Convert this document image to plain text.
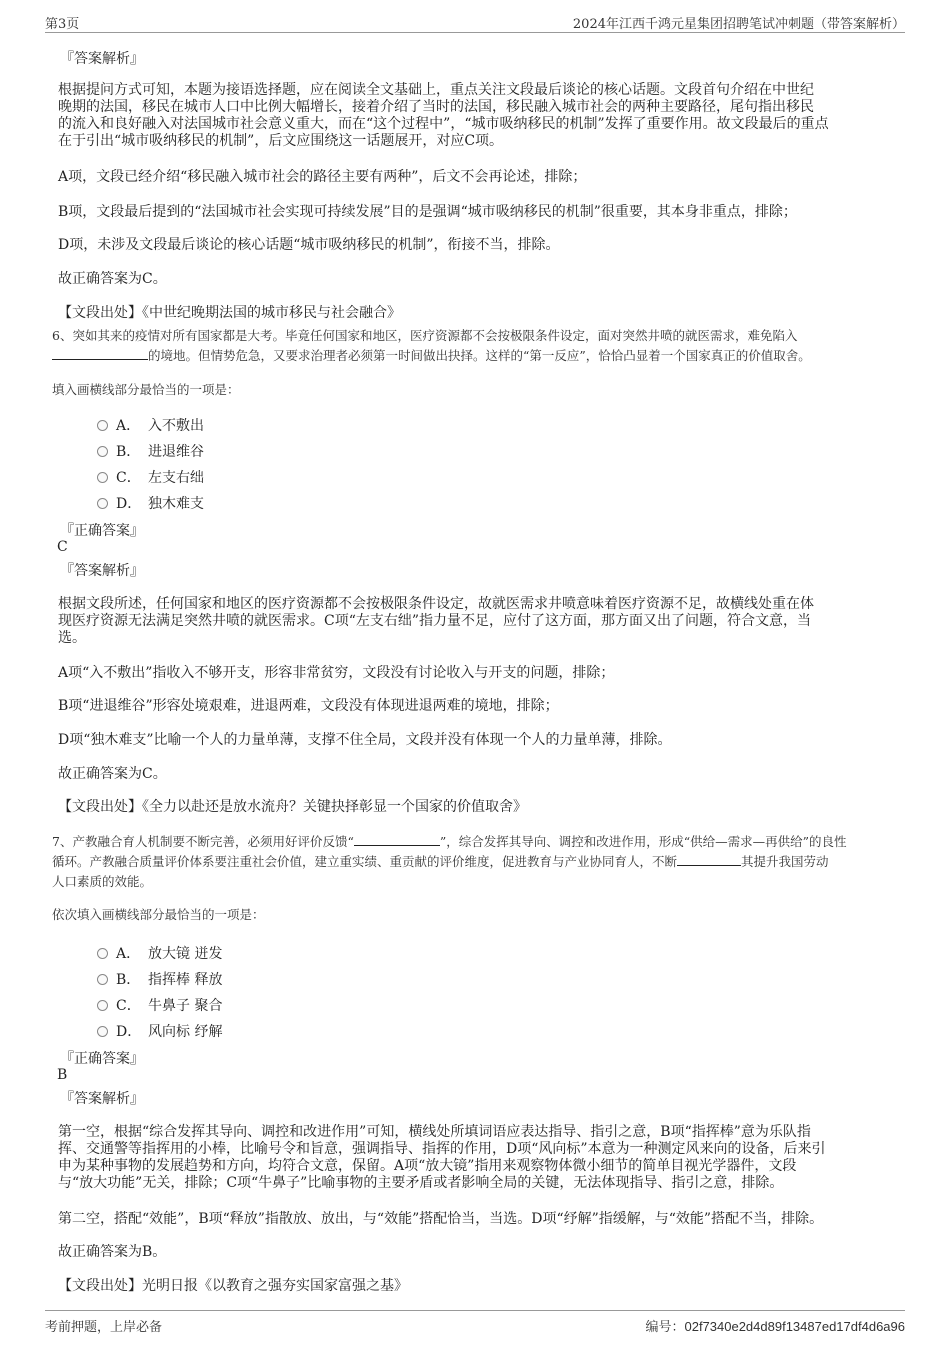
第3页	2024年江西千鸿元星集团招聘笔试冲刺题（带答案解析）
『答案解析』
根据提问方式可知，本题为接语选择题，应在阅读全文基础上，重点关注文段最后谈论的核心话题。文段首句介绍在中世纪
晚期的法国，移民在城市人口中比例大幅增长，接着介绍了当时的法国，移民融入城市社会的两种主要路径，尾句指出移民
的流入和良好融入对法国城市社会意义重大，而在“这个过程中”，“城市吸纳移民的机制”发挥了重要作用。故文段最后的重点
在于引出“城市吸纳移民的机制”，后文应围绕这一话题展开，对应C项。
A项，文段已经介绍“移民融入城市社会的路径主要有两种”，后文不会再论述，排除；
B项，文段最后提到的“法国城市社会实现可持续发展”目的是强调“城市吸纳移民的机制”很重要，其本身非重点，排除；
D项，未涉及文段最后谈论的核心话题“城市吸纳移民的机制”，衔接不当，排除。
故正确答案为C。
【文段出处】《中世纪晚期法国的城市移民与社会融合》
6、突如其来的疫情对所有国家都是大考。毕竟任何国家和地区，医疗资源都不会按极限条件设定，面对突然井喷的就医需求，难免陷入
的境地。但情势危急，又要求治理者必须第一时间做出抉择。这样的“第一反应”，恰恰凸显着一个国家真正的价值取舍。
填入画横线部分最恰当的一项是：
A． 入不敷出
B． 进退维谷
C． 左支右绌
D． 独木难支
『正确答案』
C
『答案解析』
根据文段所述，任何国家和地区的医疗资源都不会按极限条件设定，故就医需求井喷意味着医疗资源不足，故横线处重在体
现医疗资源无法满足突然井喷的就医需求。C项“左支右绌”指力量不足，应付了这方面，那方面又出了问题，符合文意，当
选。
A项“入不敷出”指收入不够开支，形容非常贫穷，文段没有讨论收入与开支的问题，排除；
B项“进退维谷”形容处境艰难，进退两难，文段没有体现进退两难的境地，排除；
D项“独木难支”比喻一个人的力量单薄，支撑不住全局，文段并没有体现一个人的力量单薄，排除。
故正确答案为C。
【文段出处】《全力以赴还是放水流舟？关键抉择彰显一个国家的价值取舍》
7、产教融合育人机制要不断完善，必须用好评价反馈“	”，综合发挥其导向、调控和改进作用，形成“供给—需求—再供给”的良性
循环。产教融合质量评价体系要注重社会价值，建立重实绩、重贡献的评价维度，促进教育与产业协同育人，不断	其提升我国劳动
人口素质的效能。
依次填入画横线部分最恰当的一项是：
A． 放大镜 迸发
B． 指挥棒 释放
C． 牛鼻子 聚合
D． 风向标 纾解
『正确答案』
B
『答案解析』
第一空，根据“综合发挥其导向、调控和改进作用”可知，横线处所填词语应表达指导、指引之意，B项“指挥棒”意为乐队指
挥、交通警等指挥用的小棒，比喻号令和旨意，强调指导、指挥的作用，D项“风向标”本意为一种测定风来向的设备，后来引
申为某种事物的发展趋势和方向，均符合文意，保留。A项“放大镜”指用来观察物体微小细节的简单目视光学器件，文段
与“放大功能”无关，排除；C项“牛鼻子”比喻事物的主要矛盾或者影响全局的关键，无法体现指导、指引之意，排除。
第二空，搭配“效能”，B项“释放”指散放、放出，与“效能”搭配恰当，当选。D项“纾解”指缓解，与“效能”搭配不当，排除。
故正确答案为B。
【文段出处】光明日报《以教育之强夯实国家富强之基》
考前押题，上岸必备	编号：02f7340e2d4d89f13487ed17df4d6a96
